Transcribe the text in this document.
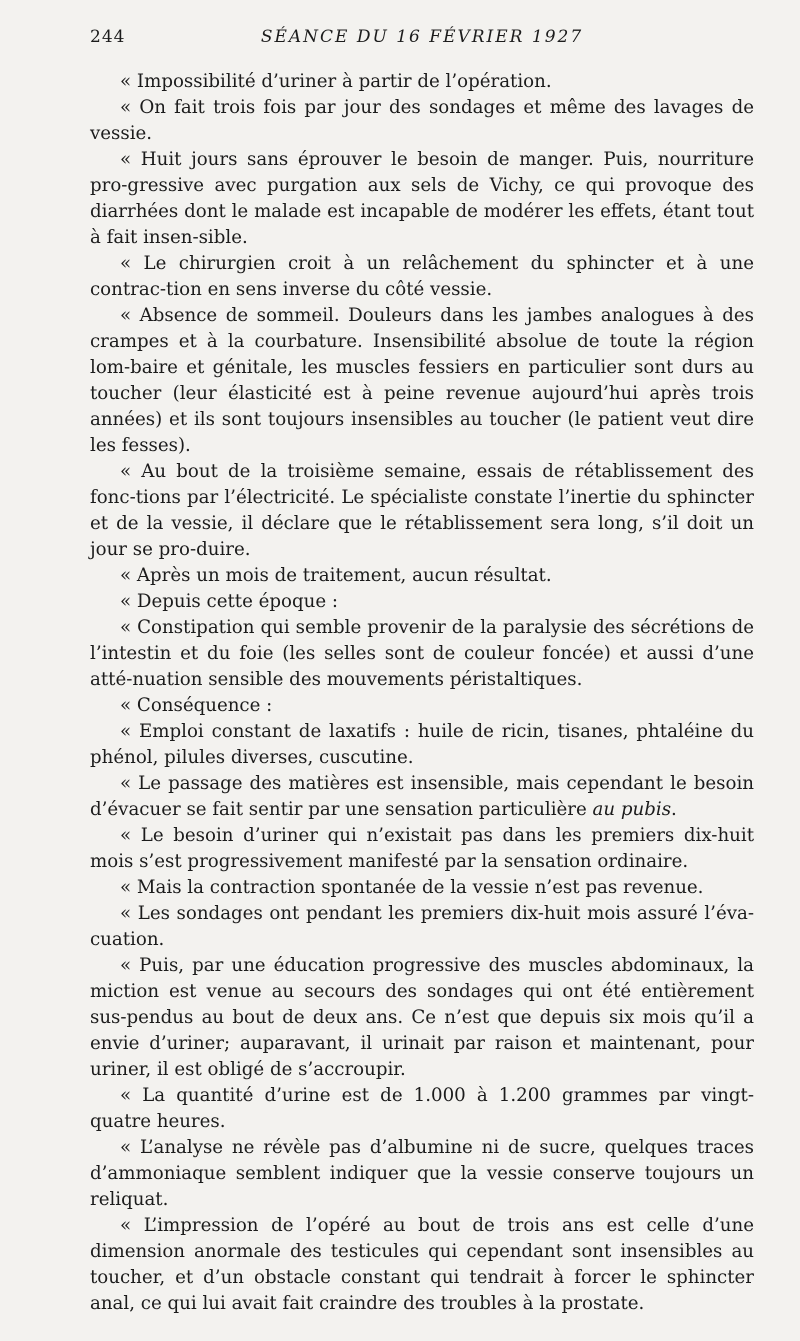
244	SÉANCE DU 16 FÉVRIER 1927

« Impossibilité d’uriner à partir de l’opération.

« On fait trois fois par jour des sondages et même des lavages de vessie.

« Huit jours sans éprouver le besoin de manger. Puis, nourriture pro-gressive avec purgation aux sels de Vichy, ce qui provoque des diarrhées dont le malade est incapable de modérer les effets, étant tout à fait insen-sible.

« Le chirurgien croit à un relâchement du sphincter et à une contrac-tion en sens inverse du côté vessie.

« Absence de sommeil. Douleurs dans les jambes analogues à des crampes et à la courbature. Insensibilité absolue de toute la région lom-baire et génitale, les muscles fessiers en particulier sont durs au toucher (leur élasticité est à peine revenue aujourd’hui après trois années) et ils sont toujours insensibles au toucher (le patient veut dire les fesses).

« Au bout de la troisième semaine, essais de rétablissement des fonc-tions par l’électricité. Le spécialiste constate l’inertie du sphincter et de la vessie, il déclare que le rétablissement sera long, s’il doit un jour se pro-duire.

« Après un mois de traitement, aucun résultat.

« Depuis cette époque :

« Constipation qui semble provenir de la paralysie des sécrétions de l’intestin et du foie (les selles sont de couleur foncée) et aussi d’une atté-nuation sensible des mouvements péristaltiques.

« Conséquence :

« Emploi constant de laxatifs : huile de ricin, tisanes, phtaléine du phénol, pilules diverses, cuscutine.

« Le passage des matières est insensible, mais cependant le besoin d’évacuer se fait sentir par une sensation particulière au pubis.

« Le besoin d’uriner qui n’existait pas dans les premiers dix-huit mois s’est progressivement manifesté par la sensation ordinaire.

« Mais la contraction spontanée de la vessie n’est pas revenue.

« Les sondages ont pendant les premiers dix-huit mois assuré l’éva-cuation.

« Puis, par une éducation progressive des muscles abdominaux, la miction est venue au secours des sondages qui ont été entièrement sus-pendus au bout de deux ans. Ce n’est que depuis six mois qu’il a envie d’uriner; auparavant, il urinait par raison et maintenant, pour uriner, il est obligé de s’accroupir.

« La quantité d’urine est de 1.000 à 1.200 grammes par vingt-quatre heures.

« L’analyse ne révèle pas d’albumine ni de sucre, quelques traces d’ammoniaque semblent indiquer que la vessie conserve toujours un reliquat.

« L’impression de l’opéré au bout de trois ans est celle d’une dimension anormale des testicules qui cependant sont insensibles au toucher, et d’un obstacle constant qui tendrait à forcer le sphincter anal, ce qui lui avait fait craindre des troubles à la prostate.
